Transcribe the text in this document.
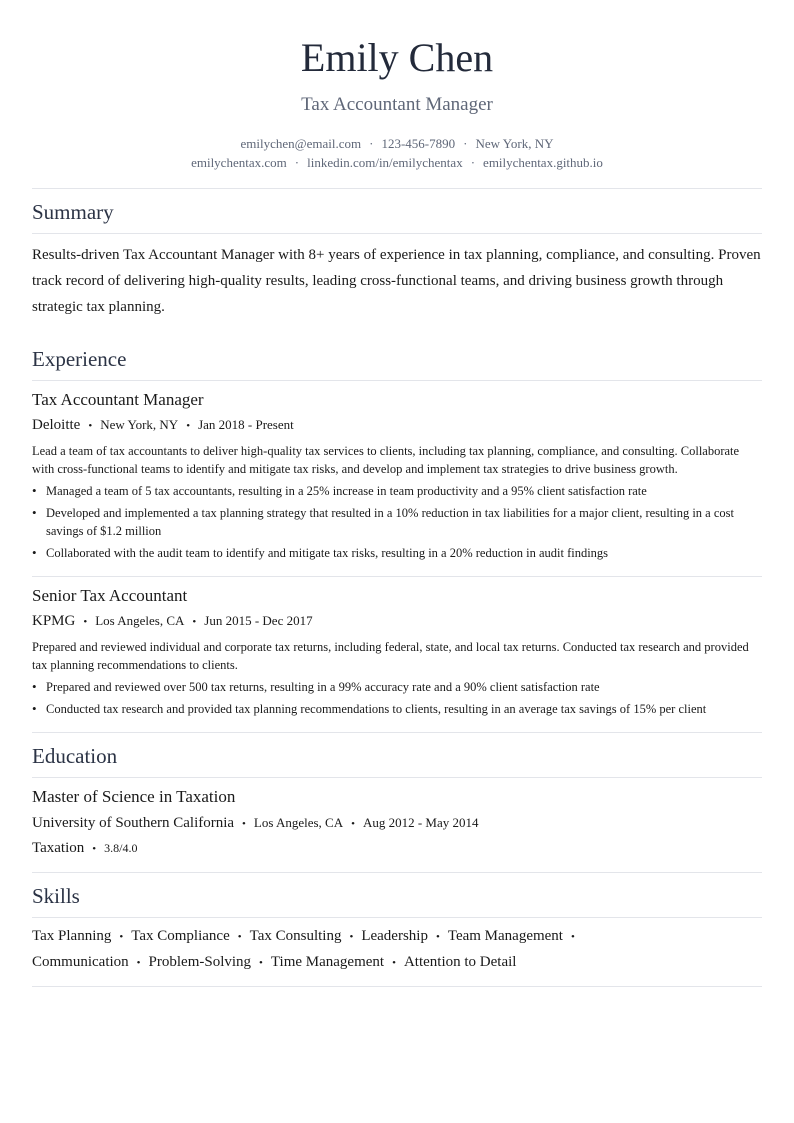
Emily Chen
Tax Accountant Manager
emilychen@email.com · 123-456-7890 · New York, NY
emilychentax.com · linkedin.com/in/emilychentax · emilychentax.github.io
Summary

Results-driven Tax Accountant Manager with 8+ years of experience in tax planning, compliance, and consulting. Proven track record of delivering high-quality results, leading cross-functional teams, and driving business growth through strategic tax planning.

Experience
Tax Accountant Manager
Deloitte • New York, NY • Jan 2018 - Present
Lead a team of tax accountants to deliver high-quality tax services to clients, including tax planning, compliance, and consulting. Collaborate with cross-functional teams to identify and mitigate tax risks, and develop and implement tax strategies to drive business growth.
• Managed a team of 5 tax accountants, resulting in a 25% increase in team productivity and a 95% client satisfaction rate
• Developed and implemented a tax planning strategy that resulted in a 10% reduction in tax liabilities for a major client, resulting in a cost savings of $1.2 million
• Collaborated with the audit team to identify and mitigate tax risks, resulting in a 20% reduction in audit findings
Senior Tax Accountant
KPMG • Los Angeles, CA • Jun 2015 - Dec 2017
Prepared and reviewed individual and corporate tax returns, including federal, state, and local tax returns. Conducted tax research and provided tax planning recommendations to clients.
• Prepared and reviewed over 500 tax returns, resulting in a 99% accuracy rate and a 90% client satisfaction rate
• Conducted tax research and provided tax planning recommendations to clients, resulting in an average tax savings of 15% per client
Education
Master of Science in Taxation
University of Southern California • Los Angeles, CA • Aug 2012 - May 2014
Taxation • 3.8/4.0
Skills
Tax Planning • Tax Compliance • Tax Consulting • Leadership • Team Management •
Communication • Problem-Solving • Time Management • Attention to Detail
